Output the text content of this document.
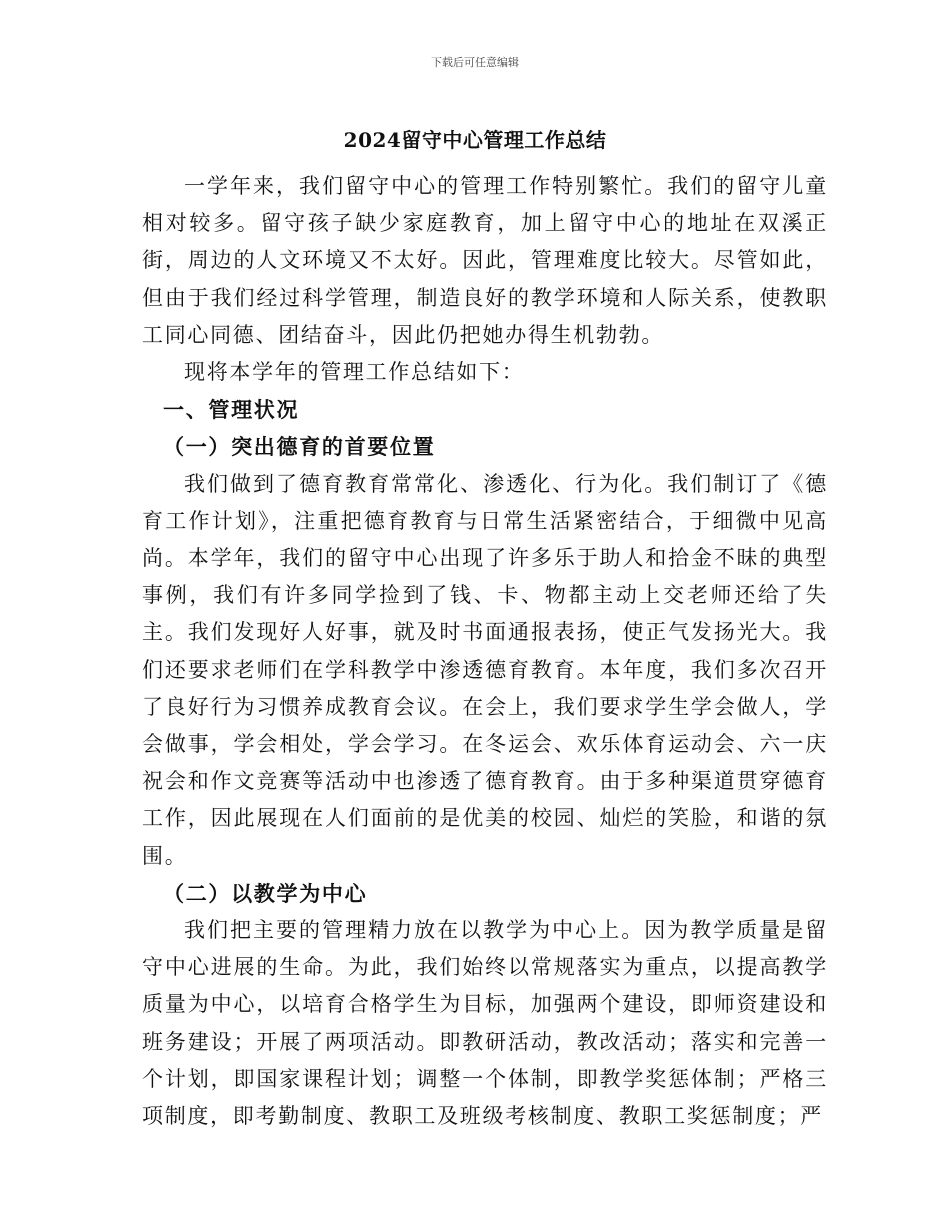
下载后可任意编辑
2024留守中心管理工作总结

一学年来，我们留守中心的管理工作特别繁忙。我们的留守儿童相对较多。留守孩子缺少家庭教育，加上留守中心的地址在双溪正街，周边的人文环境又不太好。因此，管理难度比较大。尽管如此，但由于我们经过科学管理，制造良好的教学环境和人际关系，使教职工同心同德、团结奋斗，因此仍把她办得生机勃勃。

现将本学年的管理工作总结如下：

一、管理状况

（一）突出德育的首要位置

我们做到了德育教育常常化、渗透化、行为化。我们制订了《德育工作计划》，注重把德育教育与日常生活紧密结合，于细微中见高尚。本学年，我们的留守中心出现了许多乐于助人和拾金不昧的典型事例，我们有许多同学捡到了钱、卡、物都主动上交老师还给了失主。我们发现好人好事，就及时书面通报表扬，使正气发扬光大。我们还要求老师们在学科教学中渗透德育教育。本年度，我们多次召开了良好行为习惯养成教育会议。在会上，我们要求学生学会做人，学会做事，学会相处，学会学习。在冬运会、欢乐体育运动会、六一庆祝会和作文竞赛等活动中也渗透了德育教育。由于多种渠道贯穿德育工作，因此展现在人们面前的是优美的校园、灿烂的笑脸，和谐的氛围。

（二）以教学为中心

我们把主要的管理精力放在以教学为中心上。因为教学质量是留守中心进展的生命。为此，我们始终以常规落实为重点，以提高教学质量为中心，以培育合格学生为目标，加强两个建设，即师资建设和班务建设；开展了两项活动。即教研活动，教改活动；落实和完善一个计划，即国家课程计划；调整一个体制，即教学奖惩体制；严格三项制度，即考勤制度、教职工及班级考核制度、教职工奖惩制度；严
